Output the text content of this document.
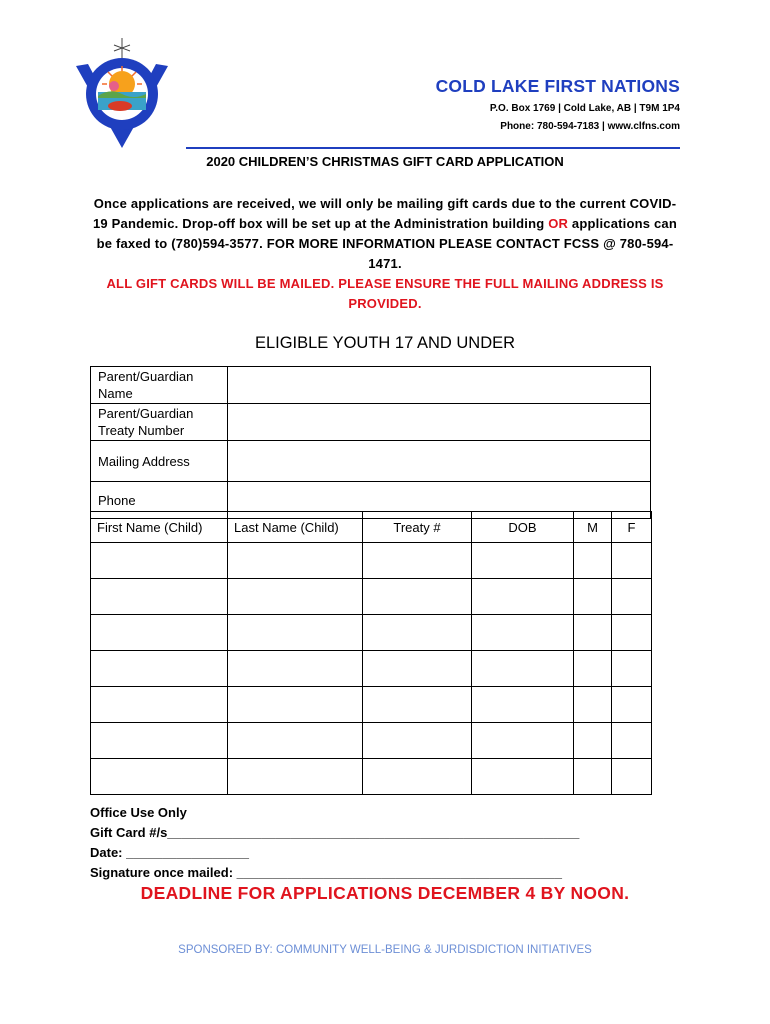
❋
COLD LAKE FIRST NATIONS
P.O. Box 1769 | Cold Lake, AB | T9M 1P4
Phone: 780-594-7183 | www.clfns.com
2020 CHILDREN’S CHRISTMAS GIFT CARD APPLICATION
Once applications are received, we will only be mailing gift cards due to the current COVID-19 Pandemic. Drop-off box will be set up at the Administration building OR applications can be faxed to (780)594-3577. FOR MORE INFORMATION PLEASE CONTACT FCSS @ 780-594-1471.
ALL GIFT CARDS WILL BE MAILED. PLEASE ENSURE THE FULL MAILING ADDRESS IS PROVIDED.
ELIGIBLE YOUTH 17 AND UNDER
Parent/Guardian Name	
Parent/Guardian Treaty Number	
Mailing Address	
Phone	
First Name (Child)	Last Name (Child)	Treaty #	DOB	M	F

Office Use Only
Gift Card #/s_________________________________________________________
Date: _________________
Signature once mailed: _____________________________________________
DEADLINE FOR APPLICATIONS DECEMBER 4 BY NOON.
SPONSORED BY: COMMUNITY WELL-BEING & JURDISDICTION INITIATIVES
